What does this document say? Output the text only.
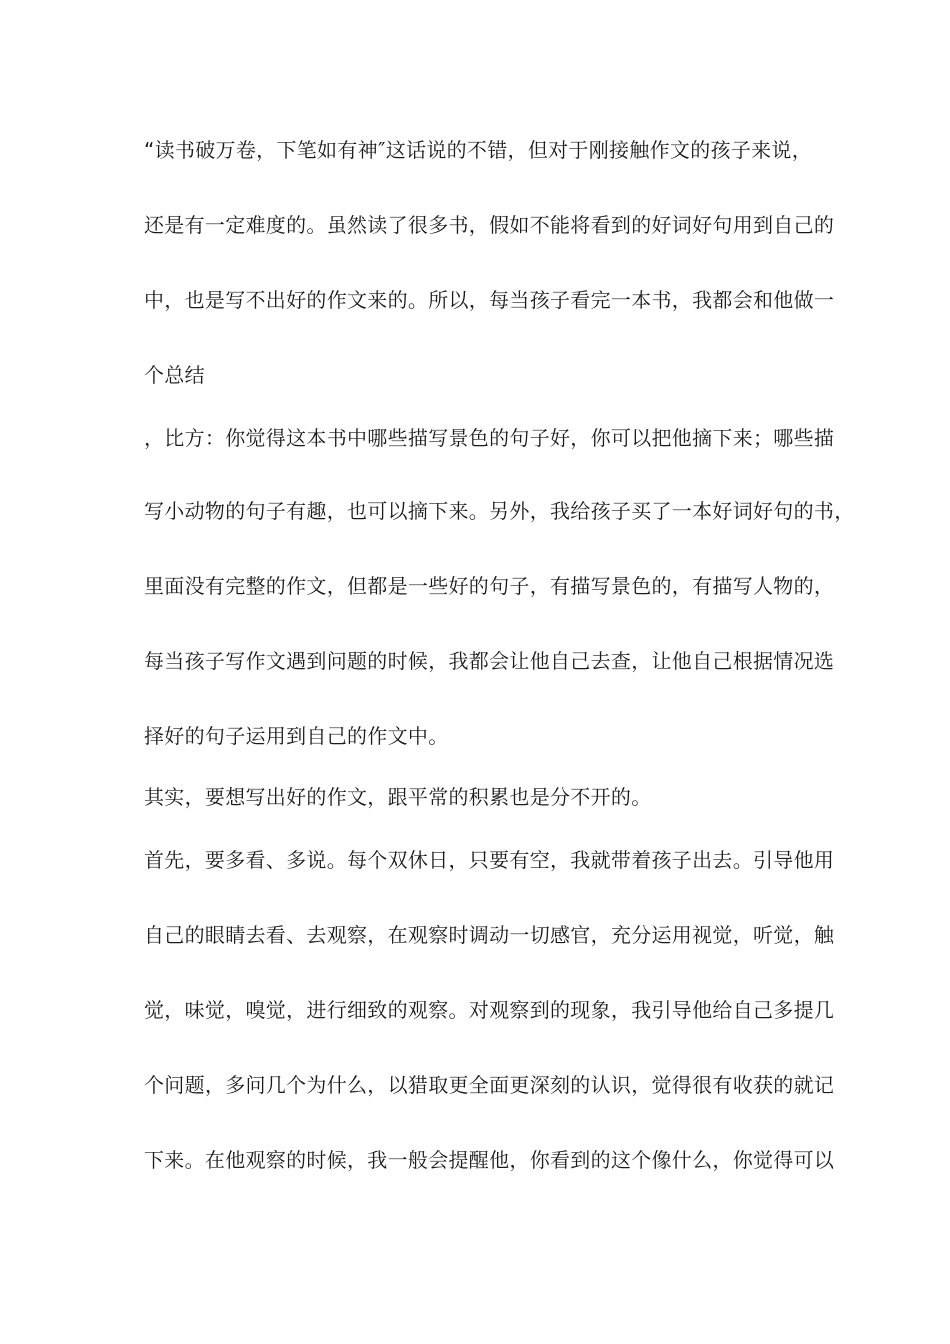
“读书破万卷，下笔如有神″这话说的不错，但对于刚接触作文的孩子来说，
还是有一定难度的。虽然读了很多书，假如不能将看到的好词好句用到自己的
中，也是写不出好的作文来的。所以，每当孩子看完一本书，我都会和他做一
个总结
，比方：你觉得这本书中哪些描写景色的句子好，你可以把他摘下来；哪些描
写小动物的句子有趣，也可以摘下来。另外，我给孩子买了一本好词好句的书，
里面没有完整的作文，但都是一些好的句子，有描写景色的，有描写人物的，
每当孩子写作文遇到问题的时候，我都会让他自己去查，让他自己根据情况选
择好的句子运用到自己的作文中。
其实，要想写出好的作文，跟平常的积累也是分不开的。
首先，要多看、多说。每个双休日，只要有空，我就带着孩子出去。引导他用
自己的眼睛去看、去观察，在观察时调动一切感官，充分运用视觉，听觉，触
觉，味觉，嗅觉，进行细致的观察。对观察到的现象，我引导他给自己多提几
个问题，多问几个为什么，以猎取更全面更深刻的认识，觉得很有收获的就记
下来。在他观察的时候，我一般会提醒他，你看到的这个像什么，你觉得可以
